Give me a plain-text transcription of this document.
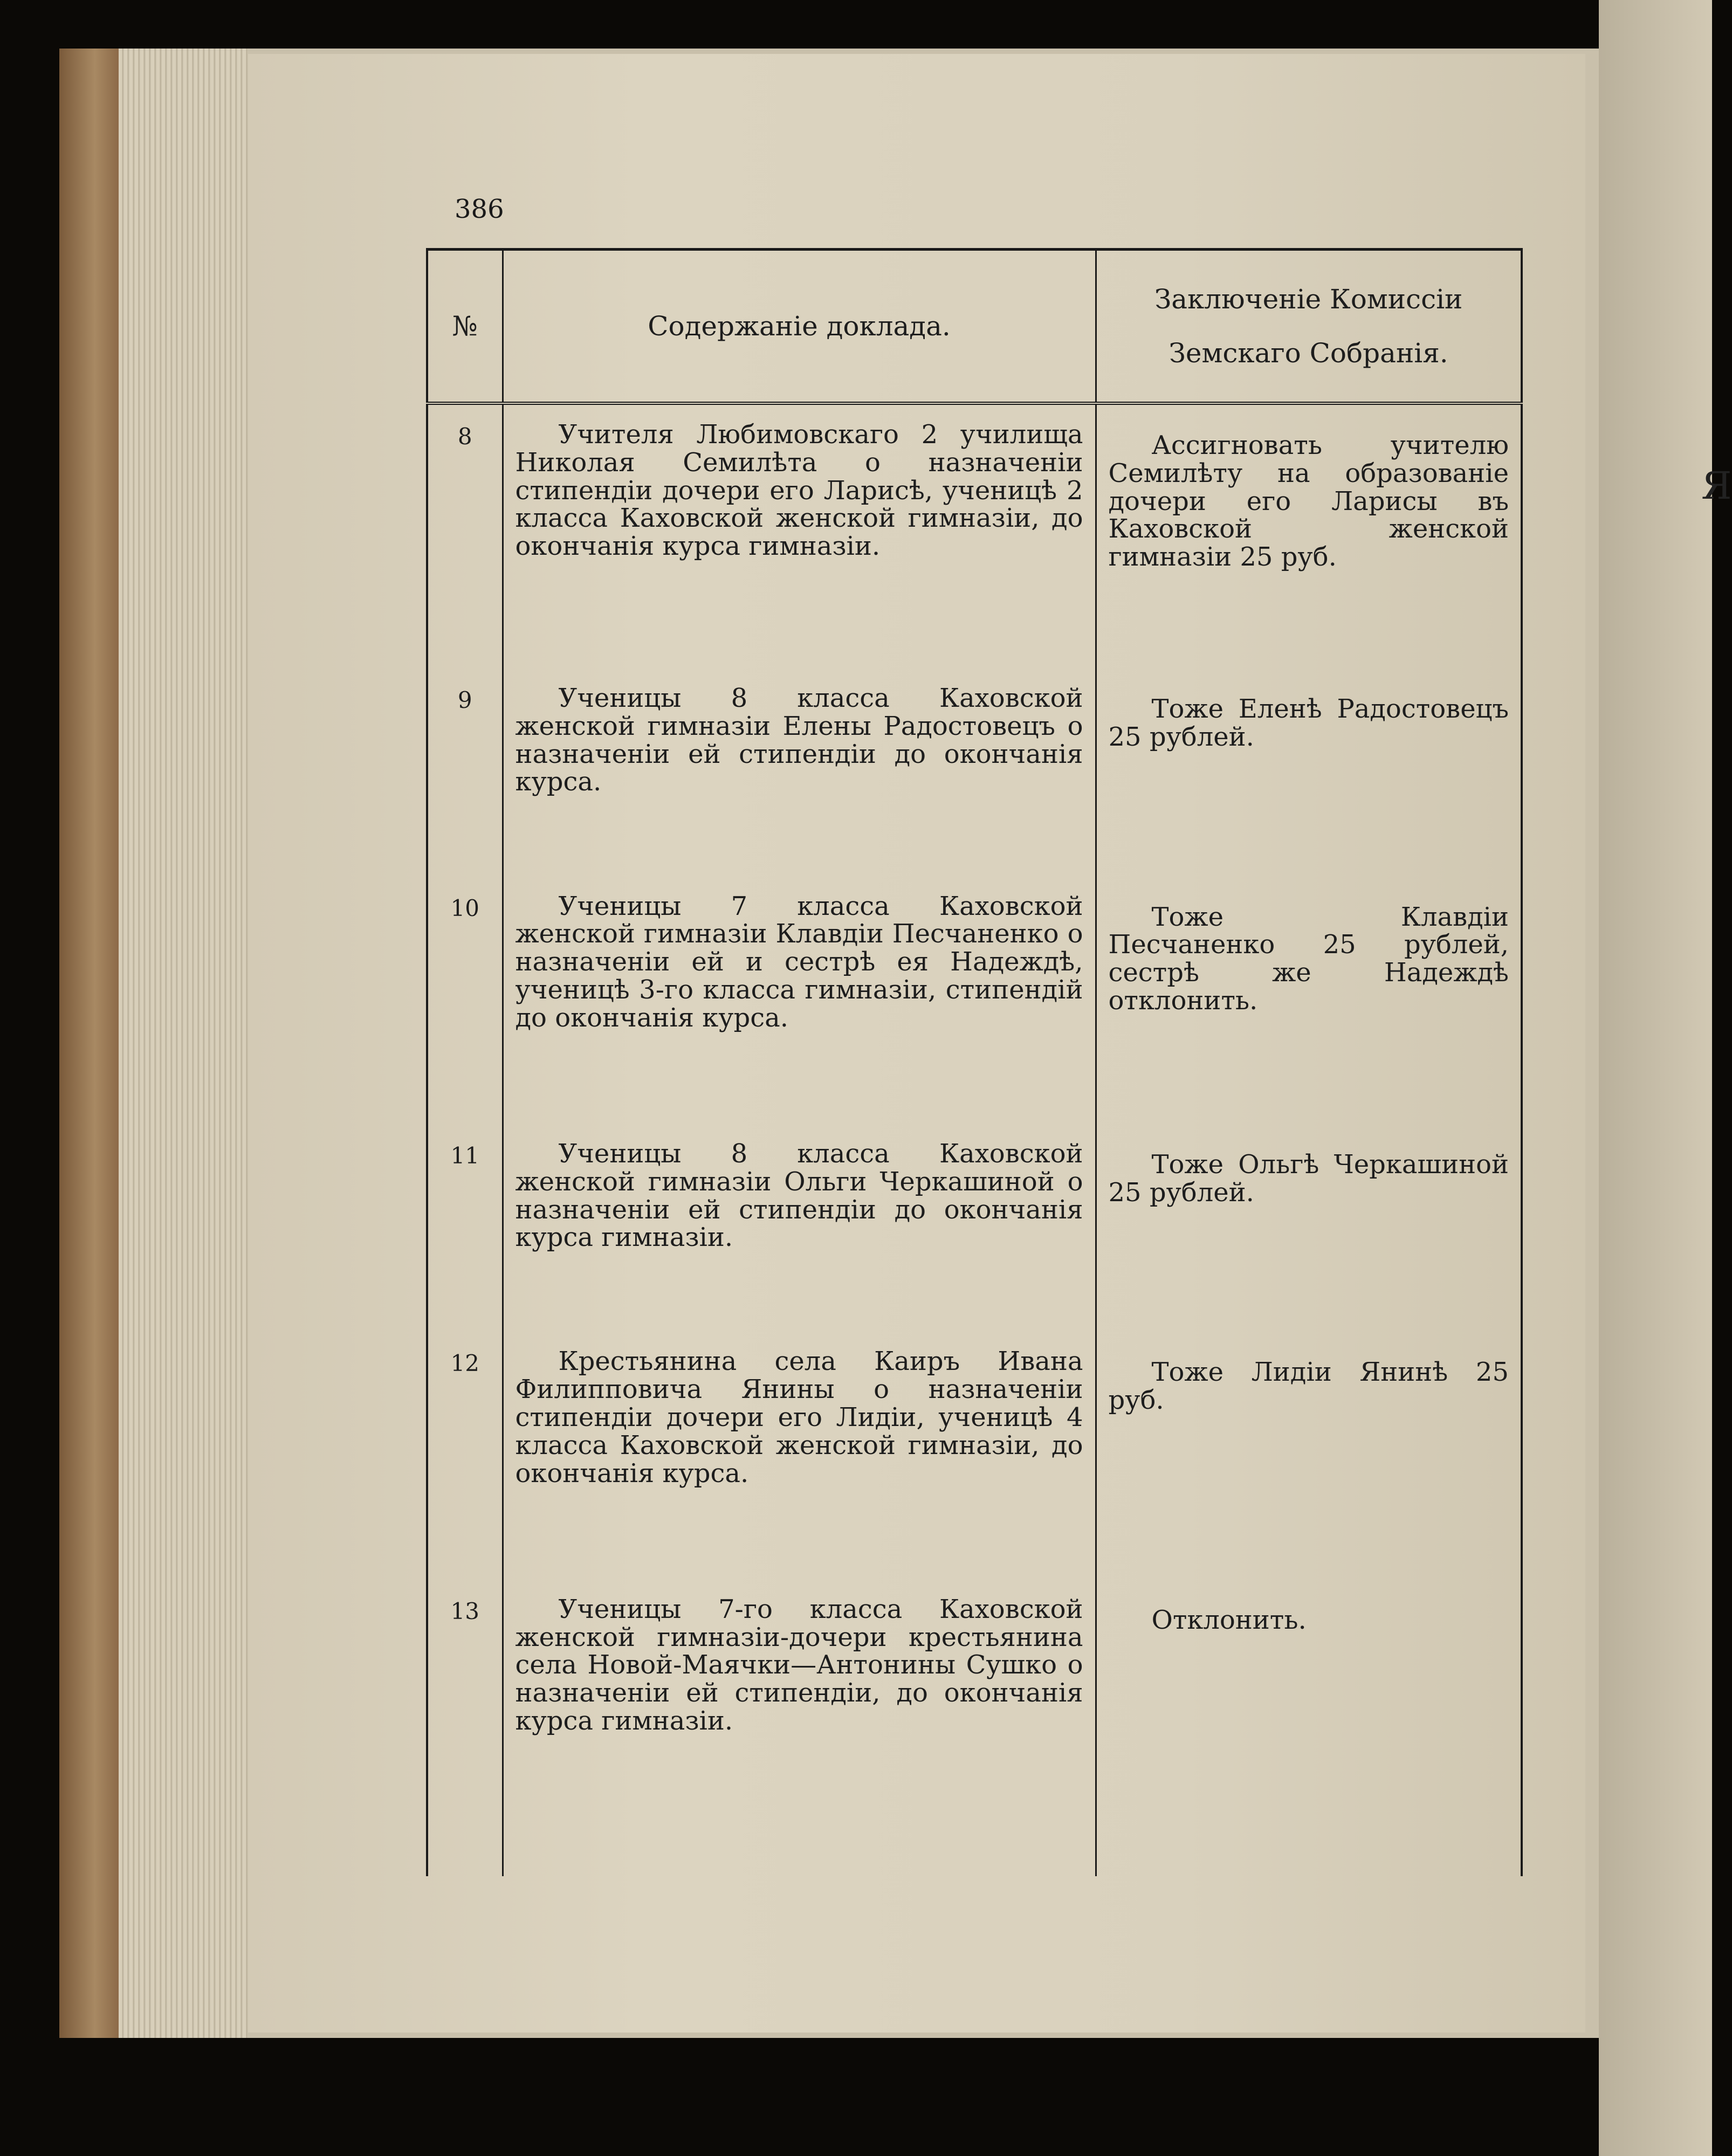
Я
386
№	Содержаніе доклада.	Заключеніе Комиссіи Земскаго Собранія.
8	Учителя Любимовскаго 2 училища Николая Семилѣта о назначеніи стипендіи дочери его Ларисѣ, ученицѣ 2 класса Каховской женской гимназіи, до окончанія курса гимназіи.	Ассигновать учителю Семилѣту на образованіе дочери его Ларисы въ Каховской женской гимназіи 25 руб.
9	Ученицы 8 класса Каховской женской гимназіи Елены Радостовецъ о назначеніи ей стипендіи до окончанія курса.	Тоже Еленѣ Радостовецъ 25 рублей.
10	Ученицы 7 класса Каховской женской гимназіи Клавдіи Песчаненко о назначеніи ей и сестрѣ ея Надеждѣ, ученицѣ 3-го класса гимназіи, стипендій до окончанія курса.	Тоже Клавдіи Песчаненко 25 рублей, сестрѣ же Надеждѣ отклонить.
11	Ученицы 8 класса Каховской женской гимназіи Ольги Черкашиной о назначеніи ей стипендіи до окончанія курса гимназіи.	Тоже Ольгѣ Черкашиной 25 рублей.
12	Крестьянина села Каиръ Ивана Филипповича Янины о назначеніи стипендіи дочери его Лидіи, ученицѣ 4 класса Каховской женской гимназіи, до окончанія курса.	Тоже Лидіи Янинѣ 25 руб.
13	Ученицы 7-го класса Каховской женской гимназіи-дочери крестьянина села Новой-Маячки—Антонины Сушко о назначеніи ей стипендіи, до окончанія курса гимназіи.	Отклонить.
